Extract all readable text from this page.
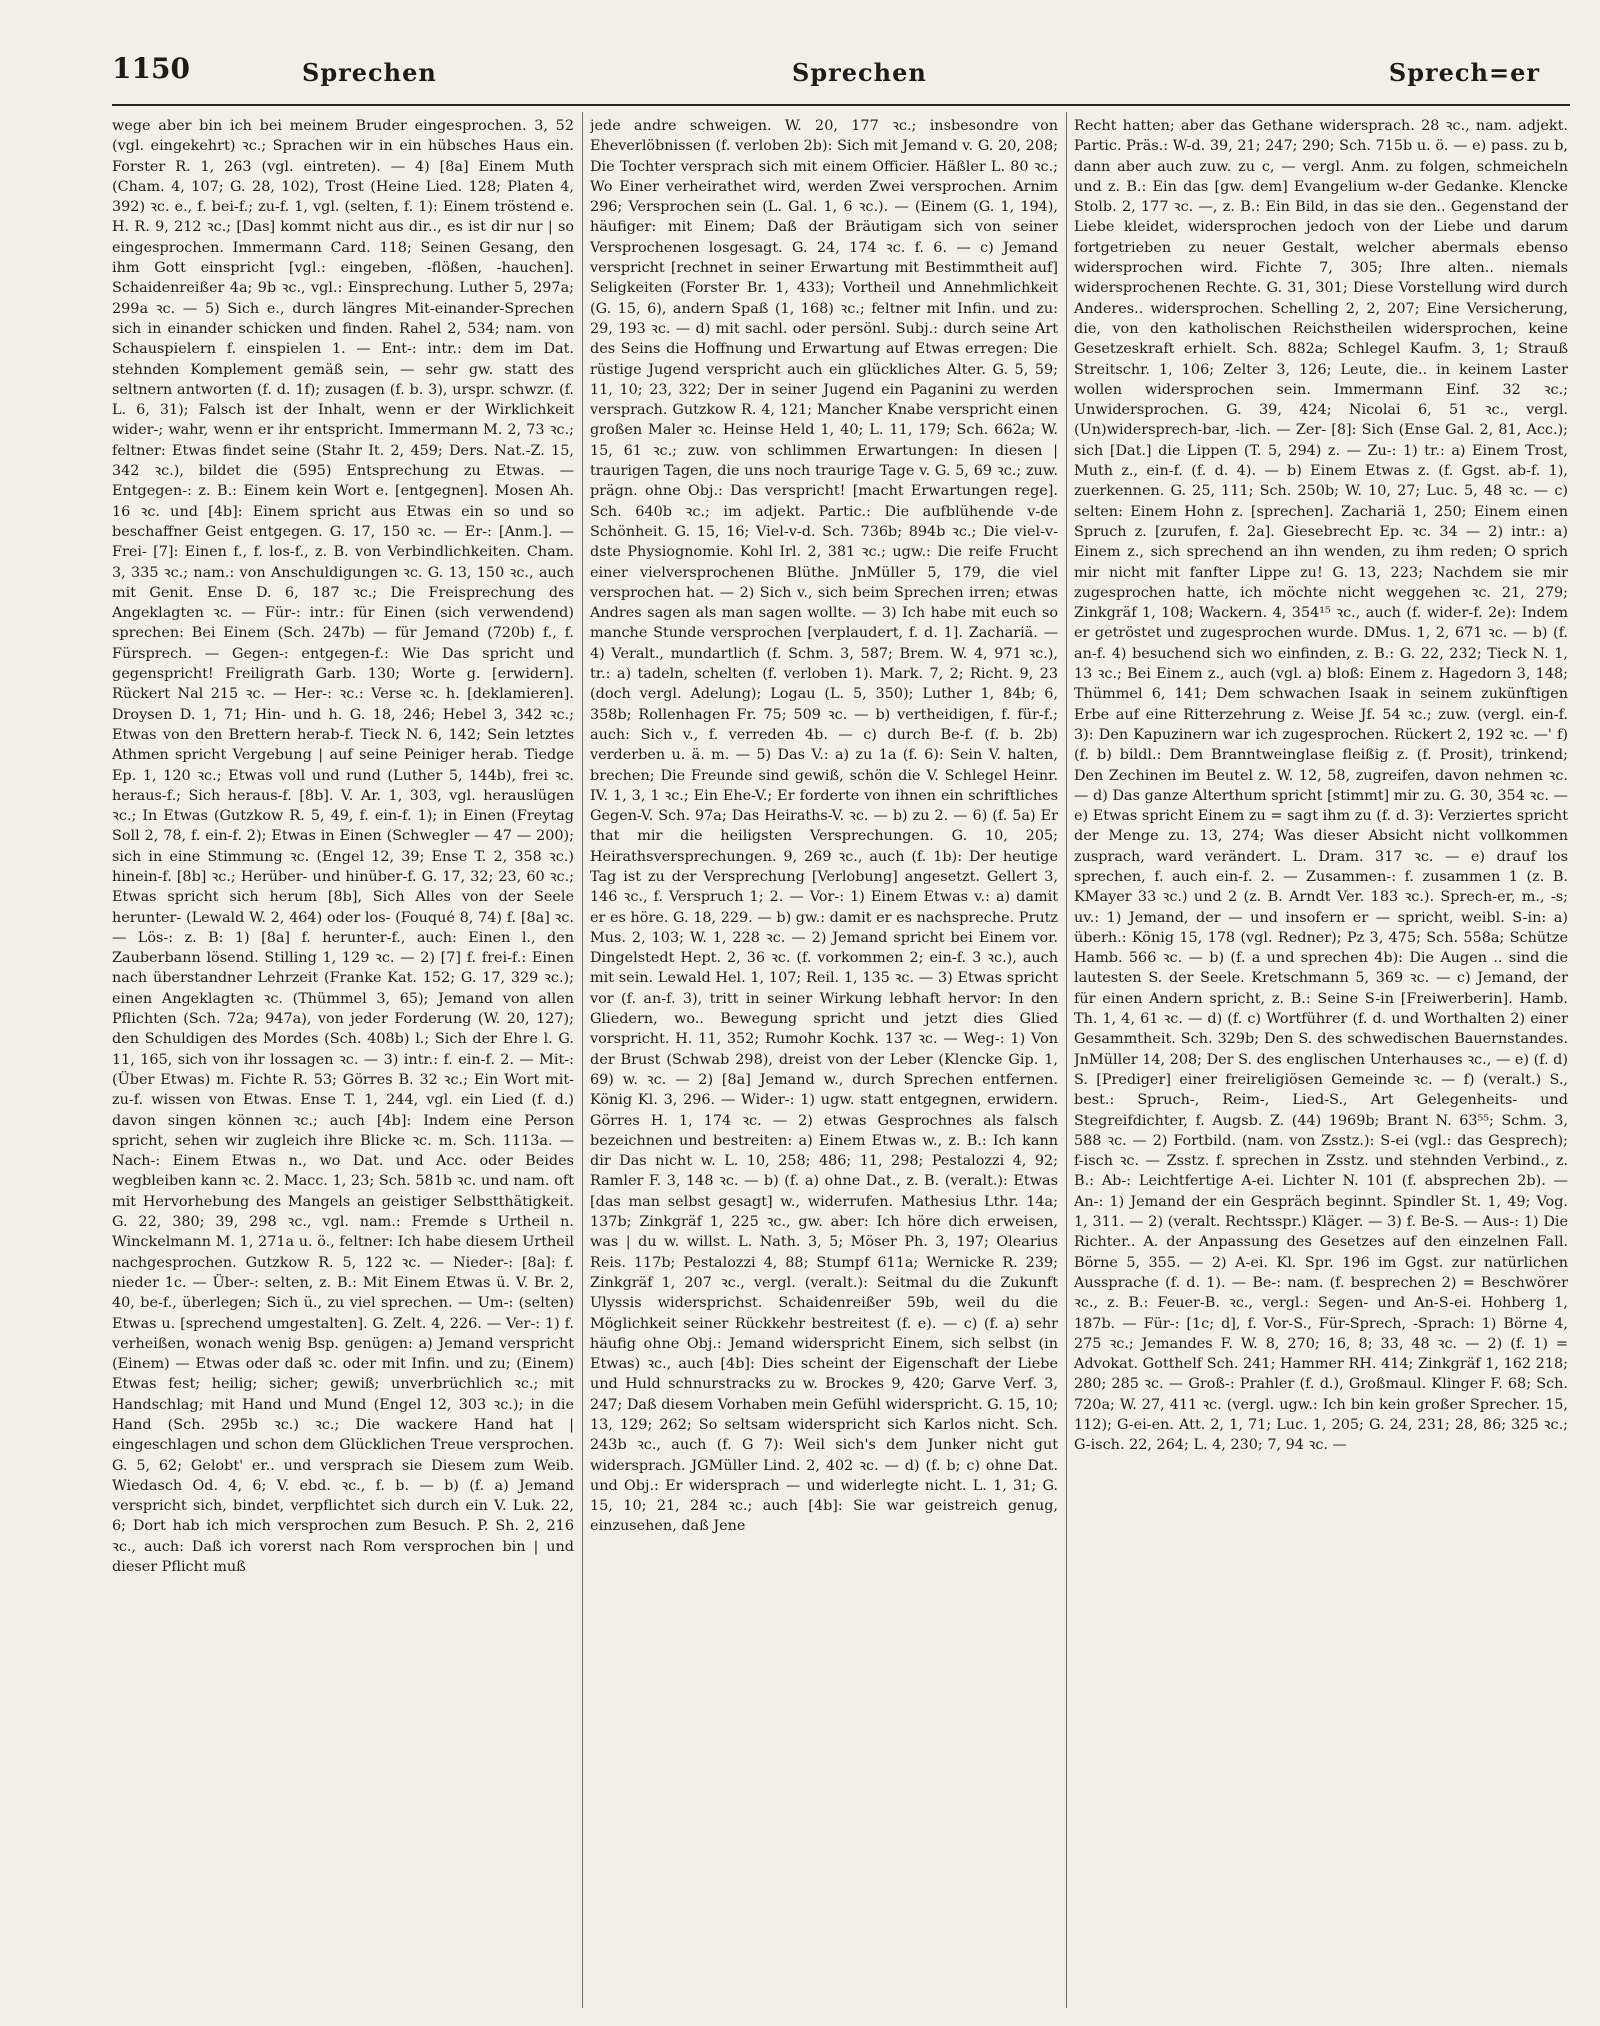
1150	Sprechen	Sprechen	Sprech=er

wege aber bin ich bei meinem Bruder eingesprochen. 3, 52 (vgl. eingekehrt) ꝛc.; Sprachen wir in ein hübsches Haus ein. Forster R. 1, 263 (vgl. eintreten). — 4) [8a] Einem Muth (Cham. 4, 107; G. 28, 102), Trost (Heine Lied. 128; Platen 4, 392) ꝛc. e., f. bei-f.; zu-f. 1, vgl. (selten, f. 1): Einem tröstend e. H. R. 9, 212 ꝛc.; [Das] kommt nicht aus dir.., es ist dir nur | so eingesprochen. Immermann Card. 118; Seinen Gesang, den ihm Gott einspricht [vgl.: eingeben, -flößen, -hauchen]. Schaidenreißer 4a; 9b ꝛc., vgl.: Einsprechung. Luther 5, 297a; 299a ꝛc. — 5) Sich e., durch längres Mit-einander-Sprechen sich in einander schicken und finden. Rahel 2, 534; nam. von Schauspielern f. einspielen 1. — Ent-: intr.: dem im Dat. stehnden Komplement gemäß sein, — sehr gw. statt des seltnern antworten (f. d. 1f); zusagen (f. b. 3), urspr. schwzr. (f. L. 6, 31); Falsch ist der Inhalt, wenn er der Wirklichkeit wider-; wahr, wenn er ihr entspricht. Immermann M. 2, 73 ꝛc.; feltner: Etwas findet seine (Stahr It. 2, 459; Ders. Nat.-Z. 15, 342 ꝛc.), bildet die (595) Entsprechung zu Etwas. — Entgegen-: z. B.: Einem kein Wort e. [entgegnen]. Mosen Ah. 16 ꝛc. und [4b]: Einem spricht aus Etwas ein so und so beschaffner Geist entgegen. G. 17, 150 ꝛc. — Er-: [Anm.]. — Frei- [7]: Einen f., f. los-f., z. B. von Verbindlichkeiten. Cham. 3, 335 ꝛc.; nam.: von Anschuldigungen ꝛc. G. 13, 150 ꝛc., auch mit Genit. Ense D. 6, 187 ꝛc.; Die Freisprechung des Angeklagten ꝛc. — Für-: intr.: für Einen (sich verwendend) sprechen: Bei Einem (Sch. 247b) — für Jemand (720b) f., f. Fürsprech. — Gegen-: entgegen-f.: Wie Das spricht und gegenspricht! Freiligrath Garb. 130; Worte g. [erwidern]. Rückert Nal 215 ꝛc. — Her-: ꝛc.: Verse ꝛc. h. [deklamieren]. Droysen D. 1, 71; Hin- und h. G. 18, 246; Hebel 3, 342 ꝛc.; Etwas von den Brettern herab-f. Tieck N. 6, 142; Sein letztes Athmen spricht Vergebung | auf seine Peiniger herab. Tiedge Ep. 1, 120 ꝛc.; Etwas voll und rund (Luther 5, 144b), frei ꝛc. heraus-f.; Sich heraus-f. [8b]. V. Ar. 1, 303, vgl. herauslügen ꝛc.; In Etwas (Gutzkow R. 5, 49, f. ein-f. 1); in Einen (Freytag Soll 2, 78, f. ein-f. 2); Etwas in Einen (Schwegler — 47 — 200); sich in eine Stimmung ꝛc. (Engel 12, 39; Ense T. 2, 358 ꝛc.) hinein-f. [8b] ꝛc.; Herüber- und hinüber-f. G. 17, 32; 23, 60 ꝛc.; Etwas spricht sich herum [8b], Sich Alles von der Seele herunter- (Lewald W. 2, 464) oder los- (Fouqué 8, 74) f. [8a] ꝛc. — Lös-: z. B: 1) [8a] f. herunter-f., auch: Einen l., den Zauberbann lösend. Stilling 1, 129 ꝛc. — 2) [7] f. frei-f.: Einen nach überstandner Lehrzeit (Franke Kat. 152; G. 17, 329 ꝛc.); einen Angeklagten ꝛc. (Thümmel 3, 65); Jemand von allen Pflichten (Sch. 72a; 947a), von jeder Forderung (W. 20, 127); den Schuldigen des Mordes (Sch. 408b) l.; Sich der Ehre l. G. 11, 165, sich von ihr lossagen ꝛc. — 3) intr.: f. ein-f. 2. — Mit-: (Über Etwas) m. Fichte R. 53; Görres B. 32 ꝛc.; Ein Wort mit-zu-f. wissen von Etwas. Ense T. 1, 244, vgl. ein Lied (f. d.) davon singen können ꝛc.; auch [4b]: Indem eine Person spricht, sehen wir zugleich ihre Blicke ꝛc. m. Sch. 1113a. — Nach-: Einem Etwas n., wo Dat. und Acc. oder Beides wegbleiben kann ꝛc. 2. Macc. 1, 23; Sch. 581b ꝛc. und nam. oft mit Hervorhebung des Mangels an geistiger Selbstthätigkeit. G. 22, 380; 39, 298 ꝛc., vgl. nam.: Fremde s Urtheil n. Winckelmann M. 1, 271a u. ö., feltner: Ich habe diesem Urtheil nachgesprochen. Gutzkow R. 5, 122 ꝛc. — Nieder-: [8a]: f. nieder 1c. — Über-: selten, z. B.: Mit Einem Etwas ü. V. Br. 2, 40, be-f., überlegen; Sich ü., zu viel sprechen. — Um-: (selten) Etwas u. [sprechend umgestalten]. G. Zelt. 4, 226. — Ver-: 1) f. verheißen, wonach wenig Bsp. genügen: a) Jemand verspricht (Einem) — Etwas oder daß ꝛc. oder mit Infin. und zu; (Einem) Etwas fest; heilig; sicher; gewiß; unverbrüchlich ꝛc.; mit Handschlag; mit Hand und Mund (Engel 12, 303 ꝛc.); in die Hand (Sch. 295b ꝛc.) ꝛc.; Die wackere Hand hat | eingeschlagen und schon dem Glücklichen Treue versprochen. G. 5, 62; Gelobt' er.. und versprach sie Diesem zum Weib. Wiedasch Od. 4, 6; V. ebd. ꝛc., f. b. — b) (f. a) Jemand verspricht sich, bindet, verpflichtet sich durch ein V. Luk. 22, 6; Dort hab ich mich versprochen zum Besuch. P. Sh. 2, 216 ꝛc., auch: Daß ich vorerst nach Rom versprochen bin | und dieser Pflicht muß

jede andre schweigen. W. 20, 177 ꝛc.; insbesondre von Eheverlöbnissen (f. verloben 2b): Sich mit Jemand v. G. 20, 208; Die Tochter versprach sich mit einem Officier. Häßler L. 80 ꝛc.; Wo Einer verheirathet wird, werden Zwei versprochen. Arnim 296; Versprochen sein (L. Gal. 1, 6 ꝛc.). — (Einem (G. 1, 194), häufiger: mit Einem; Daß der Bräutigam sich von seiner Versprochenen losgesagt. G. 24, 174 ꝛc. f. 6. — c) Jemand verspricht [rechnet in seiner Erwartung mit Bestimmtheit auf] Seligkeiten (Forster Br. 1, 433); Vortheil und Annehmlichkeit (G. 15, 6), andern Spaß (1, 168) ꝛc.; feltner mit Infin. und zu: 29, 193 ꝛc. — d) mit sachl. oder persönl. Subj.: durch seine Art des Seins die Hoffnung und Erwartung auf Etwas erregen: Die rüstige Jugend verspricht auch ein glückliches Alter. G. 5, 59; 11, 10; 23, 322; Der in seiner Jugend ein Paganini zu werden versprach. Gutzkow R. 4, 121; Mancher Knabe verspricht einen großen Maler ꝛc. Heinse Held 1, 40; L. 11, 179; Sch. 662a; W. 15, 61 ꝛc.; zuw. von schlimmen Erwartungen: In diesen | traurigen Tagen, die uns noch traurige Tage v. G. 5, 69 ꝛc.; zuw. prägn. ohne Obj.: Das verspricht! [macht Erwartungen rege]. Sch. 640b ꝛc.; im adjekt. Partic.: Die aufblühende v-de Schönheit. G. 15, 16; Viel-v-d. Sch. 736b; 894b ꝛc.; Die viel-v-dste Physiognomie. Kohl Irl. 2, 381 ꝛc.; ugw.: Die reife Frucht einer vielversprochenen Blüthe. JnMüller 5, 179, die viel versprochen hat. — 2) Sich v., sich beim Sprechen irren; etwas Andres sagen als man sagen wollte. — 3) Ich habe mit euch so manche Stunde versprochen [verplaudert, f. d. 1]. Zachariä. — 4) Veralt., mundartlich (f. Schm. 3, 587; Brem. W. 4, 971 ꝛc.), tr.: a) tadeln, schelten (f. verloben 1). Mark. 7, 2; Richt. 9, 23 (doch vergl. Adelung); Logau (L. 5, 350); Luther 1, 84b; 6, 358b; Rollenhagen Fr. 75; 509 ꝛc. — b) vertheidigen, f. für-f.; auch: Sich v., f. verreden 4b. — c) durch Be-f. (f. b. 2b) verderben u. ä. m. — 5) Das V.: a) zu 1a (f. 6): Sein V. halten, brechen; Die Freunde sind gewiß, schön die V. Schlegel Heinr. IV. 1, 3, 1 ꝛc.; Ein Ehe-V.; Er forderte von ihnen ein schriftliches Gegen-V. Sch. 97a; Das Heiraths-V. ꝛc. — b) zu 2. — 6) (f. 5a) Er that mir die heiligsten Versprechungen. G. 10, 205; Heirathsversprechungen. 9, 269 ꝛc., auch (f. 1b): Der heutige Tag ist zu der Versprechung [Verlobung] angesetzt. Gellert 3, 146 ꝛc., f. Verspruch 1; 2. — Vor-: 1) Einem Etwas v.: a) damit er es höre. G. 18, 229. — b) gw.: damit er es nachspreche. Prutz Mus. 2, 103; W. 1, 228 ꝛc. — 2) Jemand spricht bei Einem vor. Dingelstedt Hept. 2, 36 ꝛc. (f. vorkommen 2; ein-f. 3 ꝛc.), auch mit sein. Lewald Hel. 1, 107; Reil. 1, 135 ꝛc. — 3) Etwas spricht vor (f. an-f. 3), tritt in seiner Wirkung lebhaft hervor: In den Gliedern, wo.. Bewegung spricht und jetzt dies Glied vorspricht. H. 11, 352; Rumohr Kochk. 137 ꝛc. — Weg-: 1) Von der Brust (Schwab 298), dreist von der Leber (Klencke Gip. 1, 69) w. ꝛc. — 2) [8a] Jemand w., durch Sprechen entfernen. König Kl. 3, 296. — Wider-: 1) ugw. statt entgegnen, erwidern. Görres H. 1, 174 ꝛc. — 2) etwas Gesprochnes als falsch bezeichnen und bestreiten: a) Einem Etwas w., z. B.: Ich kann dir Das nicht w. L. 10, 258; 486; 11, 298; Pestalozzi 4, 92; Ramler F. 3, 148 ꝛc. — b) (f. a) ohne Dat., z. B. (veralt.): Etwas [das man selbst gesagt] w., widerrufen. Mathesius Lthr. 14a; 137b; Zinkgräf 1, 225 ꝛc., gw. aber: Ich höre dich erweisen, was | du w. willst. L. Nath. 3, 5; Möser Ph. 3, 197; Olearius Reis. 117b; Pestalozzi 4, 88; Stumpf 611a; Wernicke R. 239; Zinkgräf 1, 207 ꝛc., vergl. (veralt.): Seitmal du die Zukunft Ulyssis widersprichst. Schaidenreißer 59b, weil du die Möglichkeit seiner Rückkehr bestreitest (f. e). — c) (f. a) sehr häufig ohne Obj.: Jemand widerspricht Einem, sich selbst (in Etwas) ꝛc., auch [4b]: Dies scheint der Eigenschaft der Liebe und Huld schnurstracks zu w. Brockes 9, 420; Garve Verf. 3, 247; Daß diesem Vorhaben mein Gefühl widerspricht. G. 15, 10; 13, 129; 262; So seltsam widerspricht sich Karlos nicht. Sch. 243b ꝛc., auch (f. G 7): Weil sich's dem Junker nicht gut widersprach. JGMüller Lind. 2, 402 ꝛc. — d) (f. b; c) ohne Dat. und Obj.: Er widersprach — und widerlegte nicht. L. 1, 31; G. 15, 10; 21, 284 ꝛc.; auch [4b]: Sie war geistreich genug, einzusehen, daß Jene

Recht hatten; aber das Gethane widersprach. 28 ꝛc., nam. adjekt. Partic. Präs.: W-d. 39, 21; 247; 290; Sch. 715b u. ö. — e) pass. zu b, dann aber auch zuw. zu c, — vergl. Anm. zu folgen, schmeicheln und z. B.: Ein das [gw. dem] Evangelium w-der Gedanke. Klencke Stolb. 2, 177 ꝛc. —, z. B.: Ein Bild, in das sie den.. Gegenstand der Liebe kleidet, widersprochen jedoch von der Liebe und darum fortgetrieben zu neuer Gestalt, welcher abermals ebenso widersprochen wird. Fichte 7, 305; Ihre alten.. niemals widersprochenen Rechte. G. 31, 301; Diese Vorstellung wird durch Anderes.. widersprochen. Schelling 2, 2, 207; Eine Versicherung, die, von den katholischen Reichstheilen widersprochen, keine Gesetzeskraft erhielt. Sch. 882a; Schlegel Kaufm. 3, 1; Strauß Streitschr. 1, 106; Zelter 3, 126; Leute, die.. in keinem Laster wollen widersprochen sein. Immermann Einf. 32 ꝛc.; Unwidersprochen. G. 39, 424; Nicolai 6, 51 ꝛc., vergl. (Un)widersprech-bar, -lich. — Zer- [8]: Sich (Ense Gal. 2, 81, Acc.); sich [Dat.] die Lippen (T. 5, 294) z. — Zu-: 1) tr.: a) Einem Trost, Muth z., ein-f. (f. d. 4). — b) Einem Etwas z. (f. Ggst. ab-f. 1), zuerkennen. G. 25, 111; Sch. 250b; W. 10, 27; Luc. 5, 48 ꝛc. — c) selten: Einem Hohn z. [sprechen]. Zachariä 1, 250; Einem einen Spruch z. [zurufen, f. 2a]. Giesebrecht Ep. ꝛc. 34 — 2) intr.: a) Einem z., sich sprechend an ihn wenden, zu ihm reden; O sprich mir nicht mit fanfter Lippe zu! G. 13, 223; Nachdem sie mir zugesprochen hatte, ich möchte nicht weggehen ꝛc. 21, 279; Zinkgräf 1, 108; Wackern. 4, 354¹⁵ ꝛc., auch (f. wider-f. 2e): Indem er getröstet und zugesprochen wurde. DMus. 1, 2, 671 ꝛc. — b) (f. an-f. 4) besuchend sich wo einfinden, z. B.: G. 22, 232; Tieck N. 1, 13 ꝛc.; Bei Einem z., auch (vgl. a) bloß: Einem z. Hagedorn 3, 148; Thümmel 6, 141; Dem schwachen Isaak in seinem zukünftigen Erbe auf eine Ritterzehrung z. Weise Jf. 54 ꝛc.; zuw. (vergl. ein-f. 3): Den Kapuzinern war ich zugesprochen. Rückert 2, 192 ꝛc. —' f) (f. b) bildl.: Dem Branntweinglase fleißig z. (f. Prosit), trinkend; Den Zechinen im Beutel z. W. 12, 58, zugreifen, davon nehmen ꝛc. — d) Das ganze Alterthum spricht [stimmt] mir zu. G. 30, 354 ꝛc. — e) Etwas spricht Einem zu = sagt ihm zu (f. d. 3): Verziertes spricht der Menge zu. 13, 274; Was dieser Absicht nicht vollkommen zusprach, ward verändert. L. Dram. 317 ꝛc. — e) drauf los sprechen, f. auch ein-f. 2. — Zusammen-: f. zusammen 1 (z. B. KMayer 33 ꝛc.) und 2 (z. B. Arndt Ver. 183 ꝛc.). Sprech-er, m., -s; uv.: 1) Jemand, der — und insofern er — spricht, weibl. S-in: a) überh.: König 15, 178 (vgl. Redner); Pz 3, 475; Sch. 558a; Schütze Hamb. 566 ꝛc. — b) (f. a und sprechen 4b): Die Augen .. sind die lautesten S. der Seele. Kretschmann 5, 369 ꝛc. — c) Jemand, der für einen Andern spricht, z. B.: Seine S-in [Freiwerberin]. Hamb. Th. 1, 4, 61 ꝛc. — d) (f. c) Wortführer (f. d. und Worthalten 2) einer Gesammtheit. Sch. 329b; Den S. des schwedischen Bauernstandes. JnMüller 14, 208; Der S. des englischen Unterhauses ꝛc., — e) (f. d) S. [Prediger] einer freireligiösen Gemeinde ꝛc. — f) (veralt.) S., best.: Spruch-, Reim-, Lied-S., Art Gelegenheits- und Stegreifdichter, f. Augsb. Z. (44) 1969b; Brant N. 63⁵⁵; Schm. 3, 588 ꝛc. — 2) Fortbild. (nam. von Zsstz.): S-ei (vgl.: das Gesprech); f-isch ꝛc. — Zsstz. f. sprechen in Zsstz. und stehnden Verbind., z. B.: Ab-: Leichtfertige A-ei. Lichter N. 101 (f. absprechen 2b). — An-: 1) Jemand der ein Gespräch beginnt. Spindler St. 1, 49; Vog. 1, 311. — 2) (veralt. Rechtsspr.) Kläger. — 3) f. Be-S. — Aus-: 1) Die Richter.. A. der Anpassung des Gesetzes auf den einzelnen Fall. Börne 5, 355. — 2) A-ei. Kl. Spr. 196 im Ggst. zur natürlichen Aussprache (f. d. 1). — Be-: nam. (f. besprechen 2) = Beschwörer ꝛc., z. B.: Feuer-B. ꝛc., vergl.: Segen- und An-S-ei. Hohberg 1, 187b. — Für-: [1c; d], f. Vor-S., Für-Sprech, -Sprach: 1) Börne 4, 275 ꝛc.; Jemandes F. W. 8, 270; 16, 8; 33, 48 ꝛc. — 2) (f. 1) = Advokat. Gotthelf Sch. 241; Hammer RH. 414; Zinkgräf 1, 162 218; 280; 285 ꝛc. — Groß-: Prahler (f. d.), Großmaul. Klinger F. 68; Sch. 720a; W. 27, 411 ꝛc. (vergl. ugw.: Ich bin kein großer Sprecher. 15, 112); G-ei-en. Att. 2, 1, 71; Luc. 1, 205; G. 24, 231; 28, 86; 325 ꝛc.; G-isch. 22, 264; L. 4, 230; 7, 94 ꝛc. —
